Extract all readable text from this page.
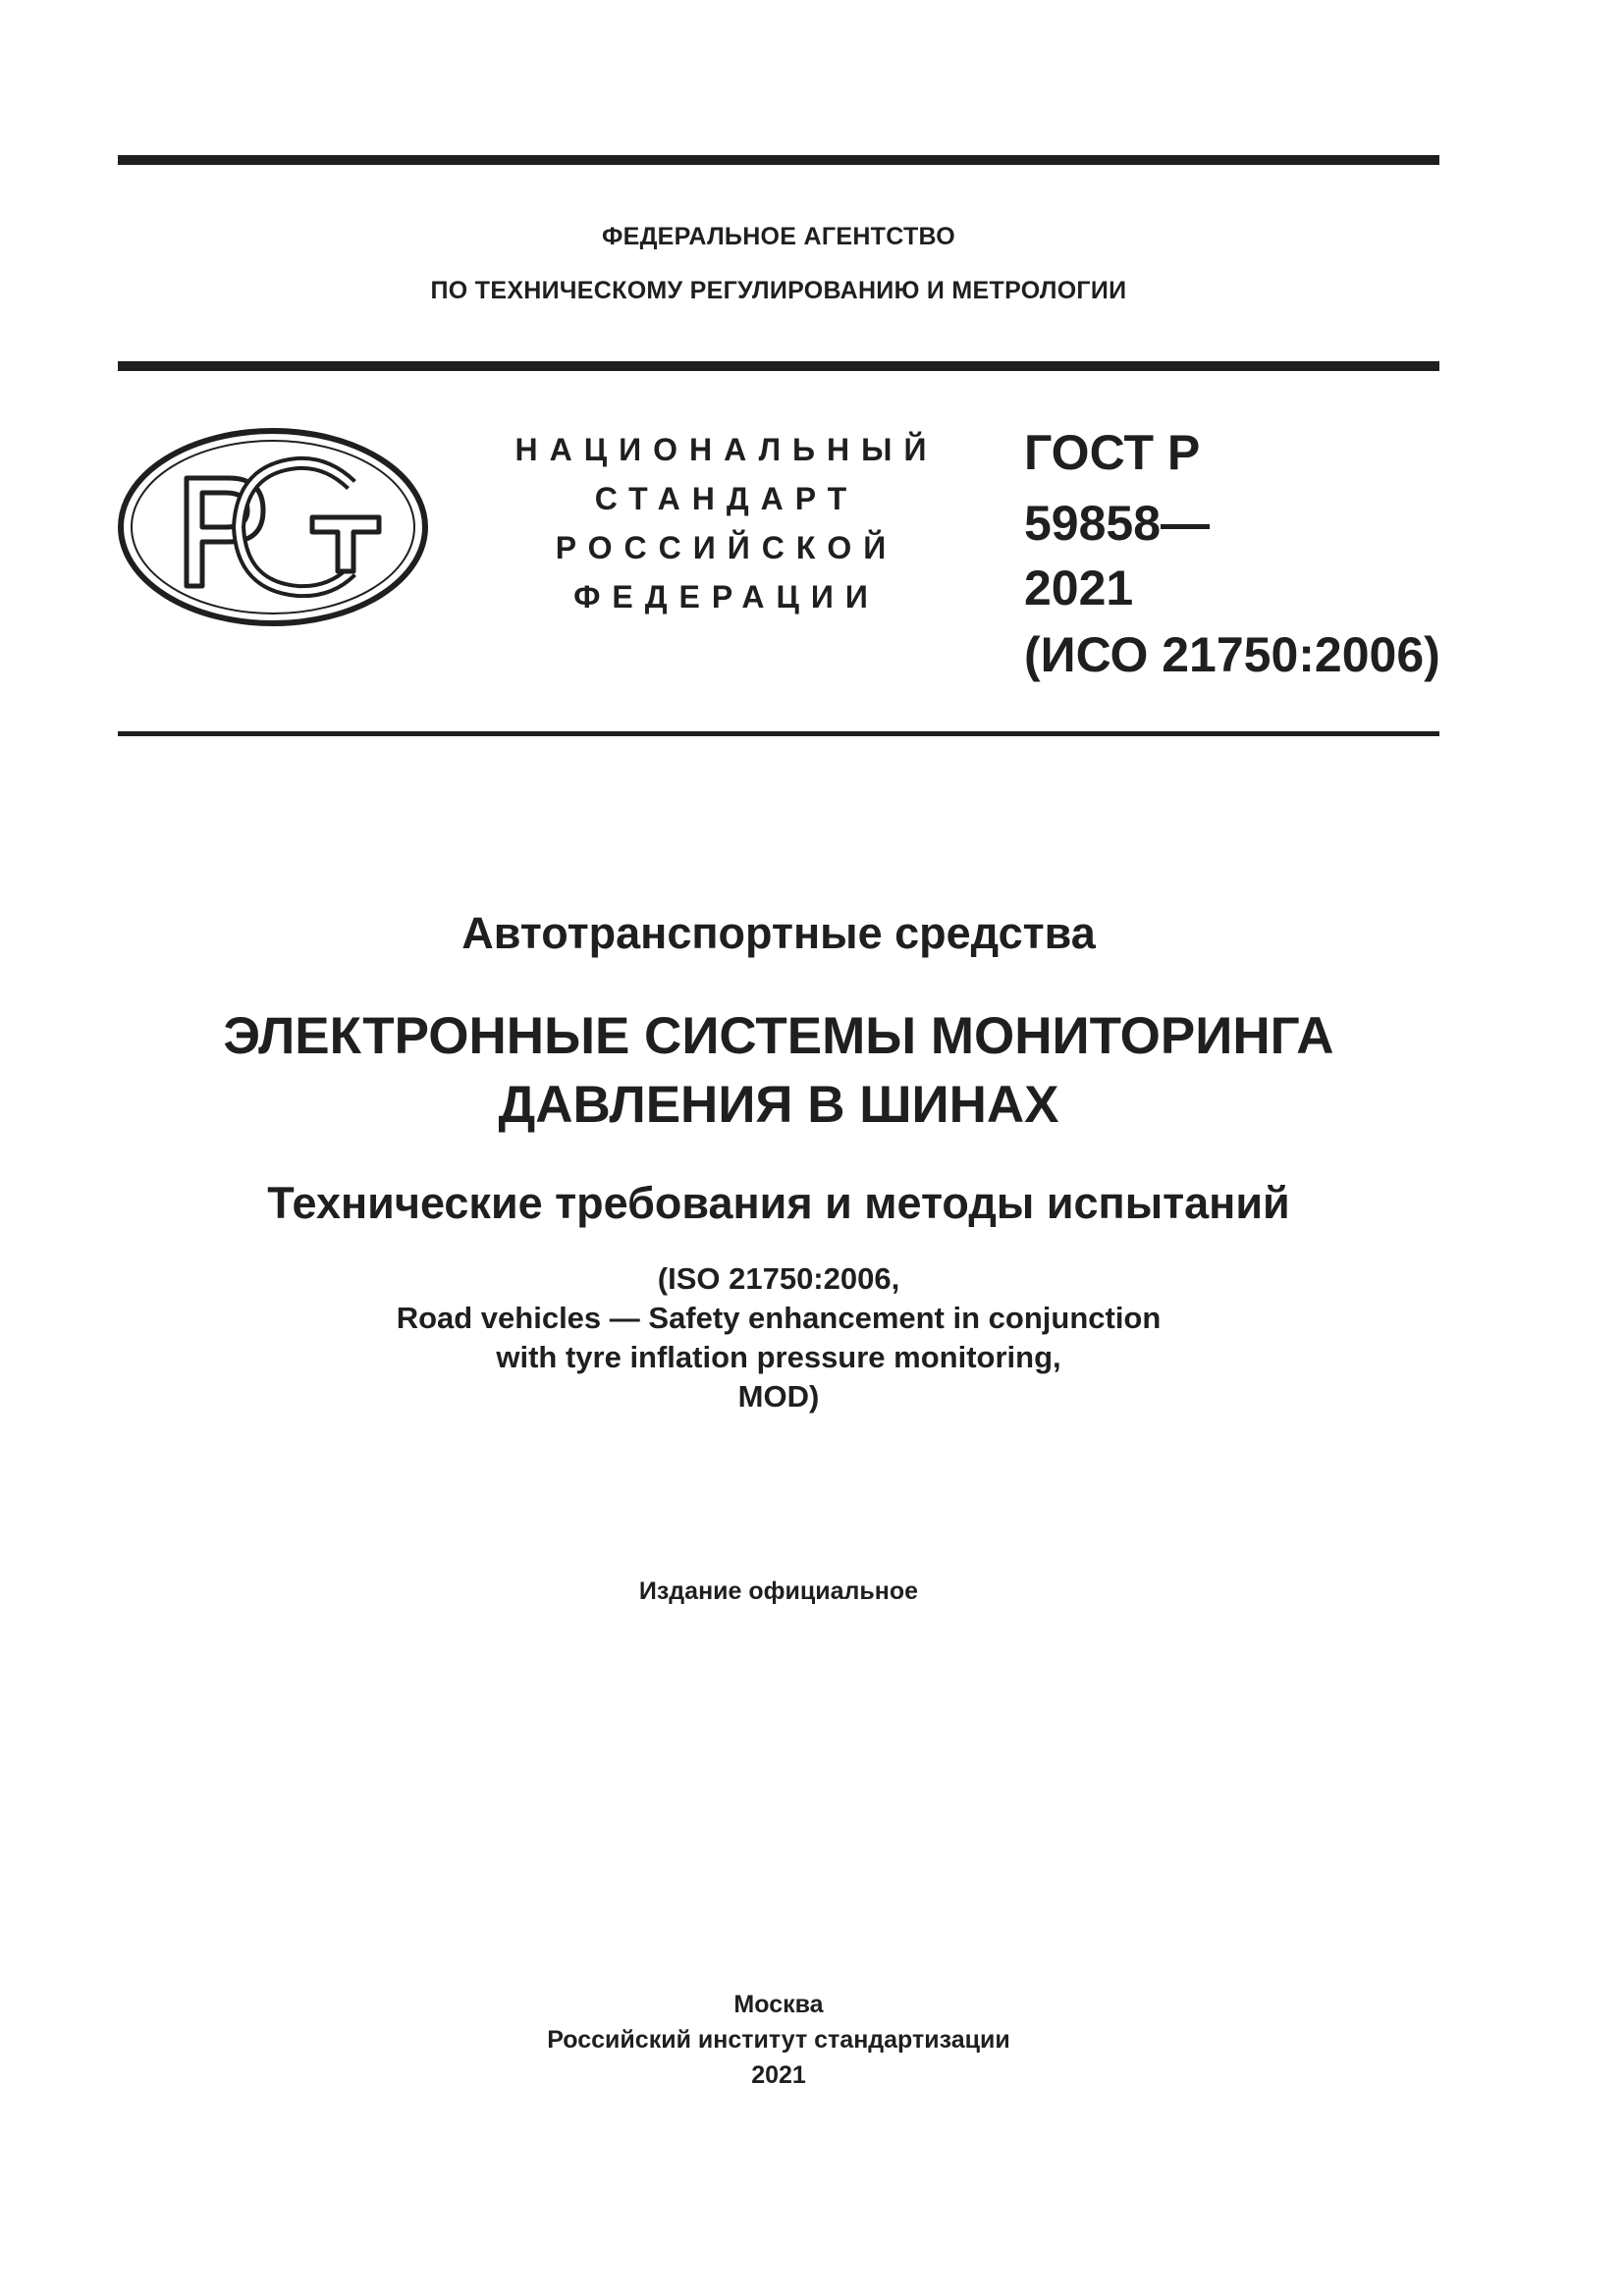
ФЕДЕРАЛЬНОЕ АГЕНТСТВО
ПО ТЕХНИЧЕСКОМУ РЕГУЛИРОВАНИЮ И МЕТРОЛОГИИ
НАЦИОНАЛЬНЫЙ
СТАНДАРТ
РОССИЙСКОЙ
ФЕДЕРАЦИИ
ГОСТ Р
59858—
2021
(ИСО 21750:2006)
Автотранспортные средства
ЭЛЕКТРОННЫЕ СИСТЕМЫ МОНИТОРИНГА
ДАВЛЕНИЯ В ШИНАХ
Технические требования и методы испытаний
(ISO 21750:2006,
Road vehicles — Safety enhancement in conjunction
with tyre inflation pressure monitoring,
MOD)
Издание официальное
Москва
Российский институт стандартизации
2021
